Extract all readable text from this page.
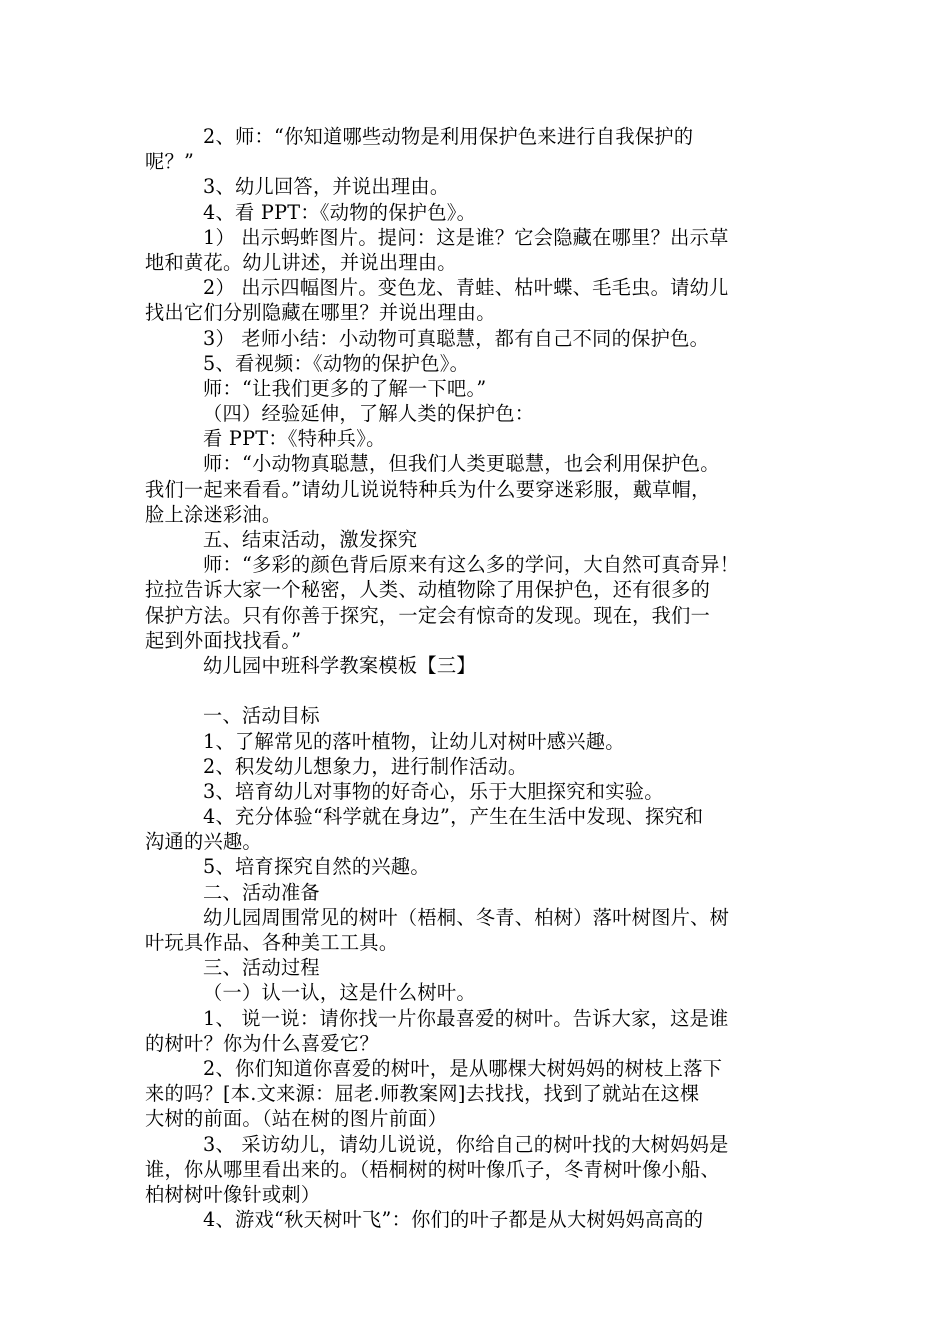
2、师：“你知道哪些动物是利用保护色来进行自我保护的
呢？”
3、幼儿回答，并说出理由。
4、看 PPT：《动物的保护色》。
1） 出示蚂蚱图片。提问：这是谁？它会隐藏在哪里？出示草
地和黄花。幼儿讲述，并说出理由。
2） 出示四幅图片。变色龙、青蛙、枯叶蝶、毛毛虫。请幼儿
找出它们分别隐藏在哪里？并说出理由。
3） 老师小结：小动物可真聪慧，都有自己不同的保护色。
5、看视频：《动物的保护色》。
师：“让我们更多的了解一下吧。”
（四）经验延伸，了解人类的保护色：
看 PPT：《特种兵》。
师：“小动物真聪慧，但我们人类更聪慧，也会利用保护色。
我们一起来看看。”请幼儿说说特种兵为什么要穿迷彩服，戴草帽，
脸上涂迷彩油。
五、结束活动，激发探究
师：“多彩的颜色背后原来有这么多的学问，大自然可真奇异！
拉拉告诉大家一个秘密，人类、动植物除了用保护色，还有很多的
保护方法。只有你善于探究，一定会有惊奇的发现。现在，我们一
起到外面找找看。”
幼儿园中班科学教案模板【三】
一、活动目标
1、了解常见的落叶植物，让幼儿对树叶感兴趣。
2、积发幼儿想象力，进行制作活动。
3、培育幼儿对事物的好奇心，乐于大胆探究和实验。
4、充分体验“科学就在身边”，产生在生活中发现、探究和
沟通的兴趣。
5、培育探究自然的兴趣。
二、活动准备
幼儿园周围常见的树叶（梧桐、冬青、柏树）落叶树图片、树
叶玩具作品、各种美工工具。
三、活动过程
（一）认一认，这是什么树叶。
1、 说一说：请你找一片你最喜爱的树叶。告诉大家，这是谁
的树叶？你为什么喜爱它？
2、你们知道你喜爱的树叶，是从哪棵大树妈妈的树枝上落下
来的吗？[本.文来源：屈老.师教案网]去找找，找到了就站在这棵
大树的前面。（站在树的图片前面）
3、 采访幼儿，请幼儿说说，你给自己的树叶找的大树妈妈是
谁，你从哪里看出来的。（梧桐树的树叶像爪子，冬青树叶像小船、
柏树树叶像针或刺）
4、游戏“秋天树叶飞”：你们的叶子都是从大树妈妈高高的
